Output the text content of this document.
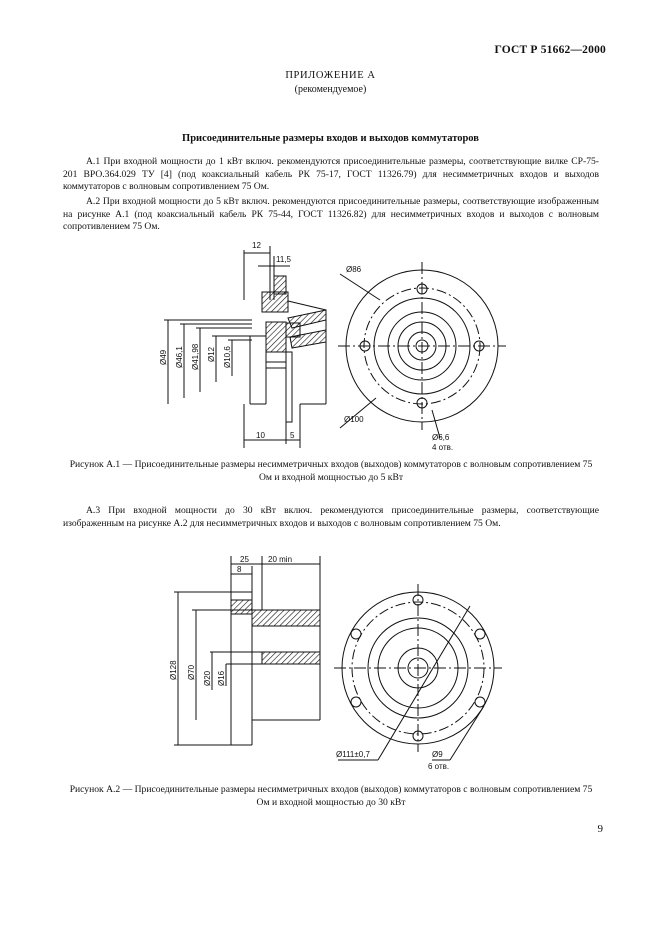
ГОСТ Р 51662—2000
ПРИЛОЖЕНИЕ А
(рекомендуемое)
Присоединительные размеры входов и выходов коммутаторов

А.1 При входной мощности до 1 кВт включ. рекомендуются присоединительные размеры, соответствующие вилке СР-75-201 ВРО.364.029 ТУ [4] (под коаксиальный кабель РК 75-17, ГОСТ 11326.79) для несимметричных входов и выходов коммутаторов с волновым сопротивлением 75 Ом.

А.2 При входной мощности до 5 кВт включ. рекомендуются присоединительные размеры, соответствующие изображенным на рисунке А.1 (под коаксиальный кабель РК 75-44, ГОСТ 11326.82) для несимметричных входов и выходов с волновым сопротивлением 75 Ом.

12
11,5
Ø49 Ø46,1 Ø41,98 Ø12 Ø10,6
10	5
Ø86
Ø100
Ø6,6
4 отв.

Рисунок А.1 — Присоединительные размеры несимметричных входов (выходов) коммутаторов с волновым сопротивлением 75 Ом и входной мощностью до 5 кВт

А.3 При входной мощности до 30 кВт включ. рекомендуются присоединительные размеры, соответствующие изображенным на рисунке А.2 для несимметричных входов и выходов с волновым сопротивлением 75 Ом.

25 20 min
8
Ø128 Ø70 Ø20 Ø16
Ø111±0,7	Ø9
6 отв.

Рисунок А.2 — Присоединительные размеры несимметричных входов (выходов) коммутаторов с волновым сопротивлением 75 Ом и входной мощностью до 30 кВт

9
